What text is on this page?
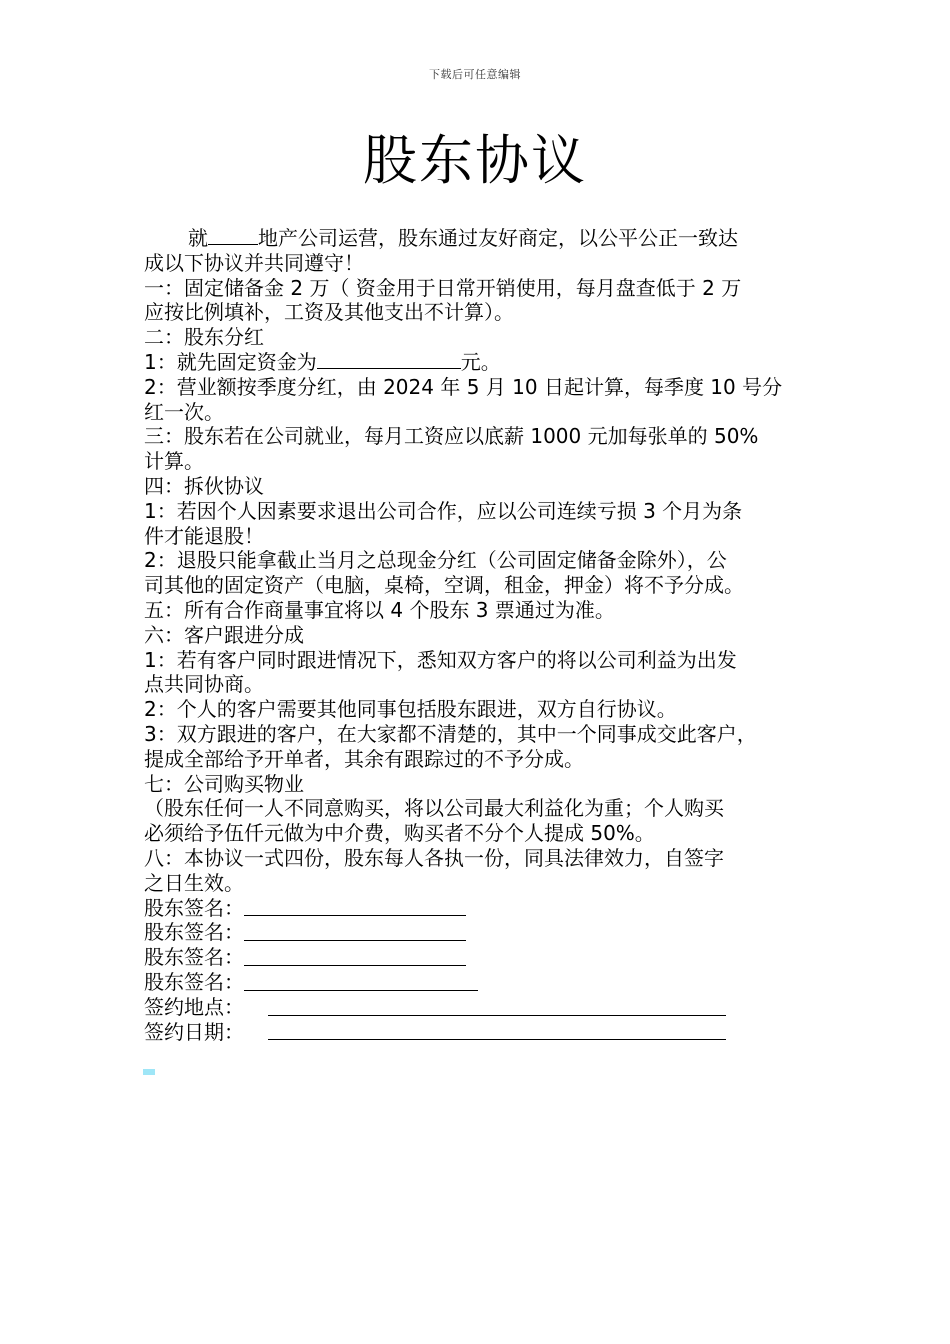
下载后可任意编辑
股东协议
就	地产公司运营，股东通过友好商定，以公平公正一致达
成以下协议并共同遵守！
一：固定储备金 2 万（ 资金用于日常开销使用，每月盘查低于 2 万
应按比例填补，工资及其他支出不计算）。
二：股东分红
1：就先固定资金为	元。
2：营业额按季度分红，由 2024 年 5 月 10 日起计算，每季度 10 号分
红一次。
三：股东若在公司就业，每月工资应以底薪 1000 元加每张单的 50%
计算。
四：拆伙协议
1：若因个人因素要求退出公司合作，应以公司连续亏损 3 个月为条
件才能退股！
2：退股只能拿截止当月之总现金分红（公司固定储备金除外），公
司其他的固定资产（电脑，桌椅，空调，租金，押金）将不予分成。
五：所有合作商量事宜将以 4 个股东 3 票通过为准。
六：客户跟进分成
1：若有客户同时跟进情况下，悉知双方客户的将以公司利益为出发
点共同协商。
2：个人的客户需要其他同事包括股东跟进，双方自行协议。
3：双方跟进的客户，在大家都不清楚的，其中一个同事成交此客户，
提成全部给予开单者，其余有跟踪过的不予分成。
七：公司购买物业
（股东任何一人不同意购买，将以公司最大利益化为重；个人购买
必须给予伍仟元做为中介费，购买者不分个人提成 50%。
八：本协议一式四份，股东每人各执一份，同具法律效力，自签字
之日生效。
股东签名：
股东签名：
股东签名：
股东签名：
签约地点：
签约日期：
